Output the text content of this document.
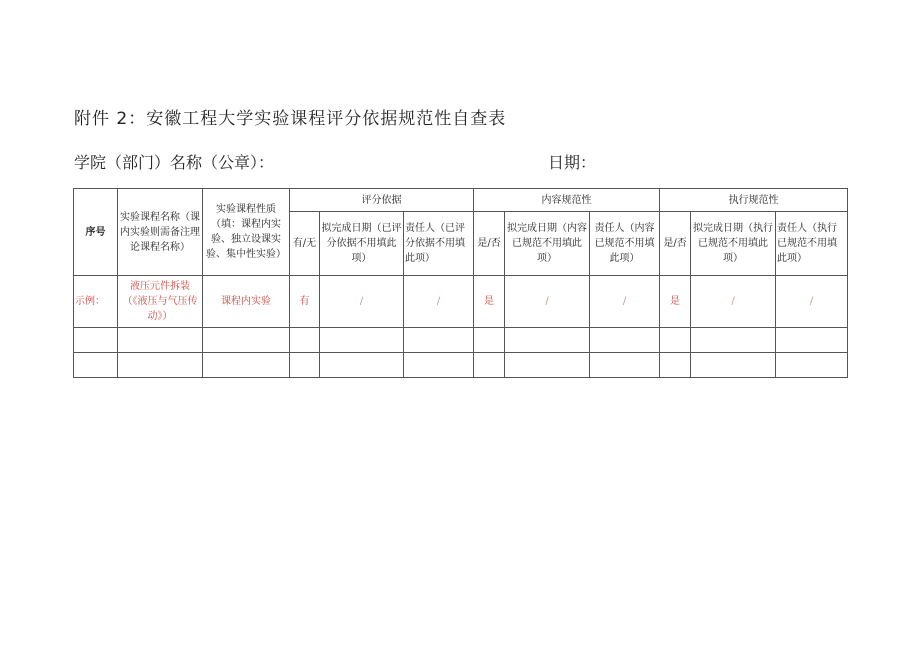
附件 2：安徽工程大学实验课程评分依据规范性自查表
学院（部门）名称（公章）：	日期：
序号	实验课程名称（课内实验则需备注理论课程名称）	实验课程性质（填：课程内实验、独立设课实验、集中性实验）	评分依据			内容规范性			执行规范性		
			有/无	拟完成日期（已评分依据不用填此项）	责任人（已评分依据不用填此项）	是/否	拟完成日期（内容已规范不用填此项）	责任人（内容已规范不用填此项）	是/否	拟完成日期（执行已规范不用填此项）	责任人（执行已规范不用填此项）
示例：	液压元件拆装（《液压与气压传动》）	课程内实验	有	/	/	是	/	/	是	/	/
